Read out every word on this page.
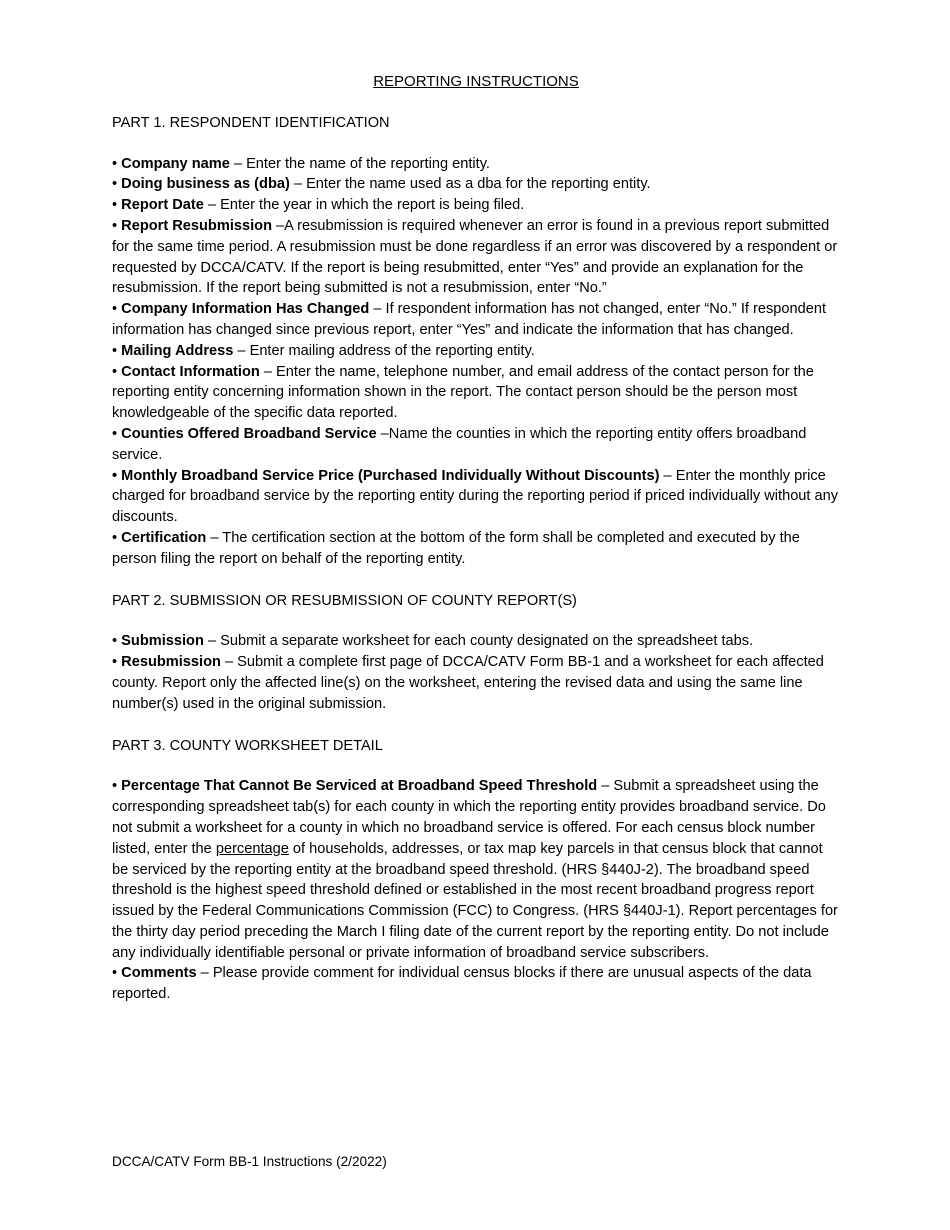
REPORTING INSTRUCTIONS
PART 1. RESPONDENT IDENTIFICATION

• Company name – Enter the name of the reporting entity.

• Doing business as (dba) – Enter the name used as a dba for the reporting entity.

• Report Date – Enter the year in which the report is being filed.

• Report Resubmission –A resubmission is required whenever an error is found in a previous report submitted for the same time period. A resubmission must be done regardless if an error was discovered by a respondent or requested by DCCA/CATV. If the report is being resubmitted, enter “Yes” and provide an explanation for the resubmission. If the report being submitted is not a resubmission, enter “No.”

• Company Information Has Changed – If respondent information has not changed, enter “No.” If respondent information has changed since previous report, enter “Yes” and indicate the information that has changed.

• Mailing Address – Enter mailing address of the reporting entity.

• Contact Information – Enter the name, telephone number, and email address of the contact person for the reporting entity concerning information shown in the report. The contact person should be the person most knowledgeable of the specific data reported.

• Counties Offered Broadband Service –Name the counties in which the reporting entity offers broadband service.

• Monthly Broadband Service Price (Purchased Individually Without Discounts) – Enter the monthly price charged for broadband service by the reporting entity during the reporting period if priced individually without any discounts.

• Certification – The certification section at the bottom of the form shall be completed and executed by the person filing the report on behalf of the reporting entity.

PART 2. SUBMISSION OR RESUBMISSION OF COUNTY REPORT(S)

• Submission – Submit a separate worksheet for each county designated on the spreadsheet tabs.

• Resubmission – Submit a complete first page of DCCA/CATV Form BB-1 and a worksheet for each affected county. Report only the affected line(s) on the worksheet, entering the revised data and using the same line number(s) used in the original submission.

PART 3. COUNTY WORKSHEET DETAIL

• Percentage That Cannot Be Serviced at Broadband Speed Threshold – Submit a spreadsheet using the corresponding spreadsheet tab(s) for each county in which the reporting entity provides broadband service. Do not submit a worksheet for a county in which no broadband service is offered. For each census block number listed, enter the percentage of households, addresses, or tax map key parcels in that census block that cannot be serviced by the reporting entity at the broadband speed threshold. (HRS §440J-2). The broadband speed threshold is the highest speed threshold defined or established in the most recent broadband progress report issued by the Federal Communications Commission (FCC) to Congress. (HRS §440J-1). Report percentages for the thirty day period preceding the March I filing date of the current report by the reporting entity. Do not include any individually identifiable personal or private information of broadband service subscribers.

• Comments – Please provide comment for individual census blocks if there are unusual aspects of the data reported.

DCCA/CATV Form BB-1 Instructions (2/2022)
